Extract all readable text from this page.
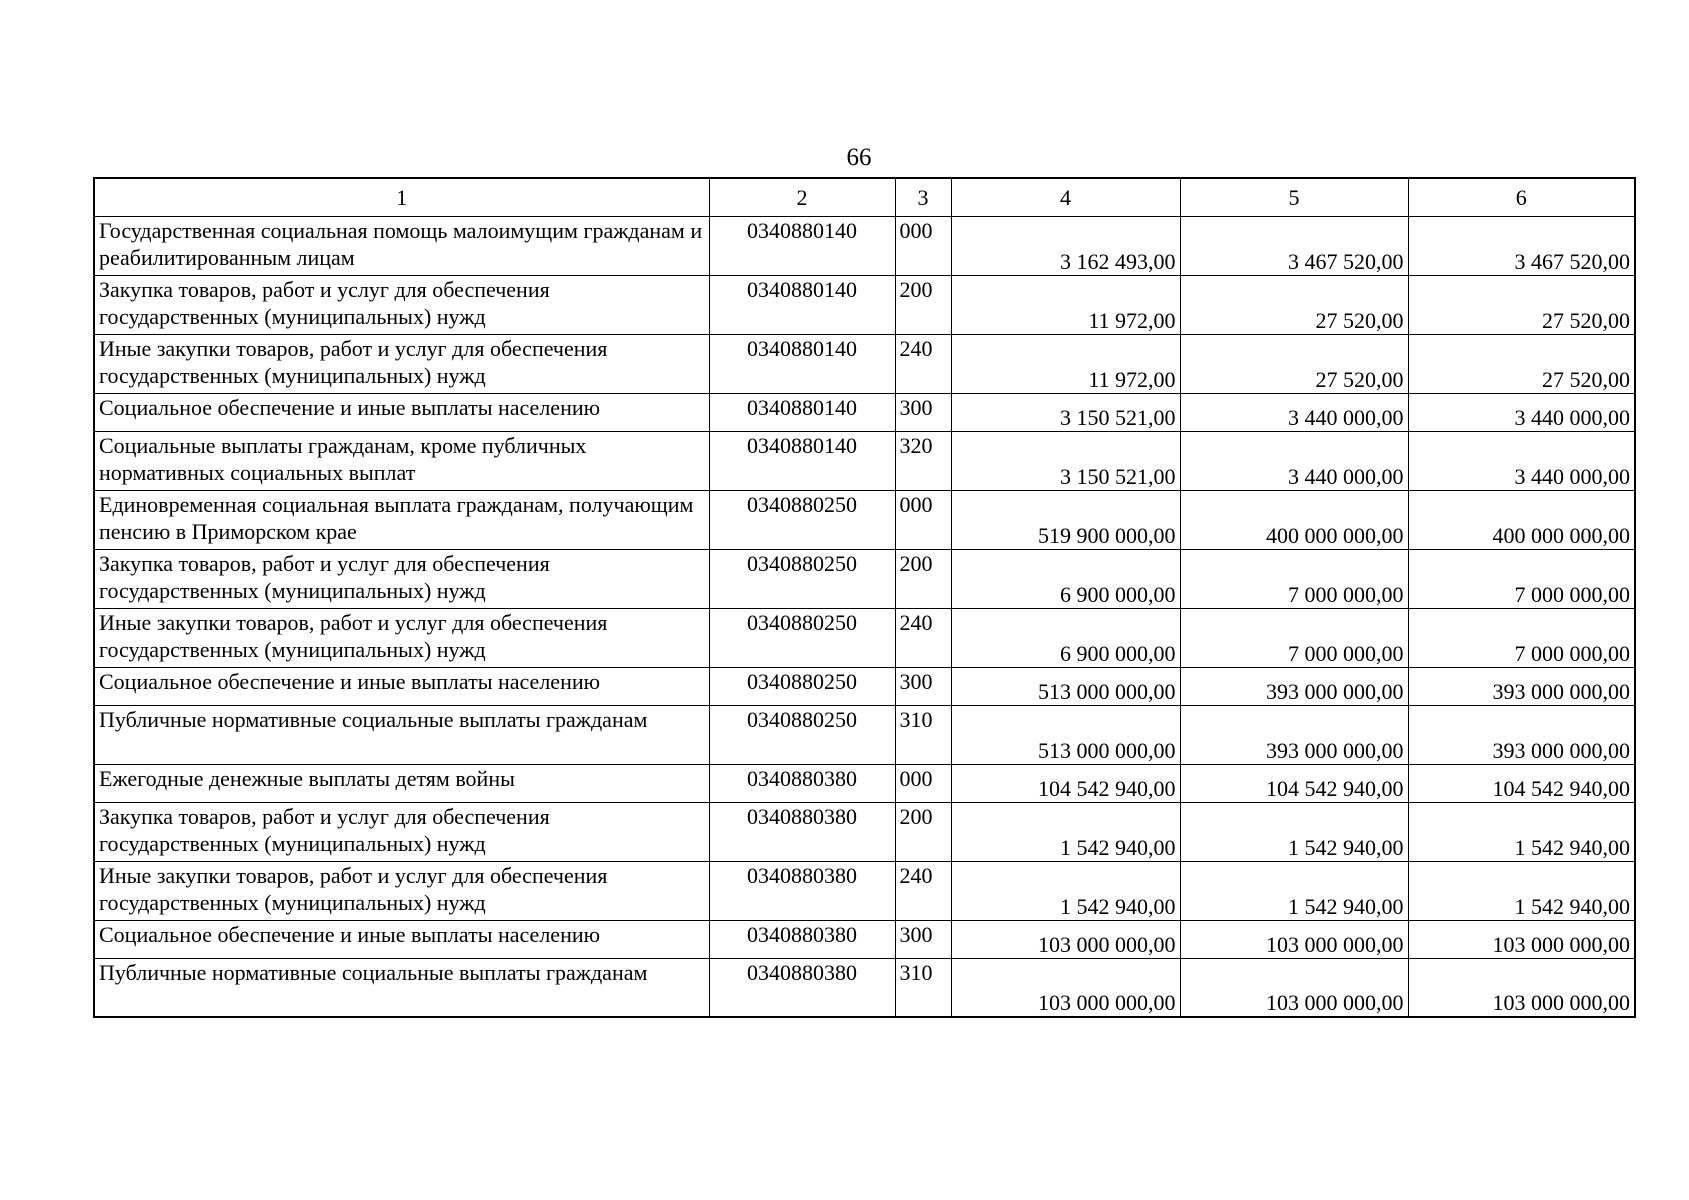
66
1	2	3	4	5	6
Государственная социальная помощь малоимущим гражданам и реабилитированным лицам	0340880140	000	3 162 493,00	3 467 520,00	3 467 520,00
Закупка товаров, работ и услуг для обеспечения государственных (муниципальных) нужд	0340880140	200	11 972,00	27 520,00	27 520,00
Иные закупки товаров, работ и услуг для обеспечения государственных (муниципальных) нужд	0340880140	240	11 972,00	27 520,00	27 520,00
Социальное обеспечение и иные выплаты населению	0340880140	300	3 150 521,00	3 440 000,00	3 440 000,00
Социальные выплаты гражданам, кроме публичных нормативных социальных выплат	0340880140	320	3 150 521,00	3 440 000,00	3 440 000,00
Единовременная социальная выплата гражданам, получающим пенсию в Приморском крае	0340880250	000	519 900 000,00	400 000 000,00	400 000 000,00
Закупка товаров, работ и услуг для обеспечения государственных (муниципальных) нужд	0340880250	200	6 900 000,00	7 000 000,00	7 000 000,00
Иные закупки товаров, работ и услуг для обеспечения государственных (муниципальных) нужд	0340880250	240	6 900 000,00	7 000 000,00	7 000 000,00
Социальное обеспечение и иные выплаты населению	0340880250	300	513 000 000,00	393 000 000,00	393 000 000,00
Публичные нормативные социальные выплаты гражданам	0340880250	310	513 000 000,00	393 000 000,00	393 000 000,00
Ежегодные денежные выплаты детям войны	0340880380	000	104 542 940,00	104 542 940,00	104 542 940,00
Закупка товаров, работ и услуг для обеспечения государственных (муниципальных) нужд	0340880380	200	1 542 940,00	1 542 940,00	1 542 940,00
Иные закупки товаров, работ и услуг для обеспечения государственных (муниципальных) нужд	0340880380	240	1 542 940,00	1 542 940,00	1 542 940,00
Социальное обеспечение и иные выплаты населению	0340880380	300	103 000 000,00	103 000 000,00	103 000 000,00
Публичные нормативные социальные выплаты гражданам	0340880380	310	103 000 000,00	103 000 000,00	103 000 000,00
